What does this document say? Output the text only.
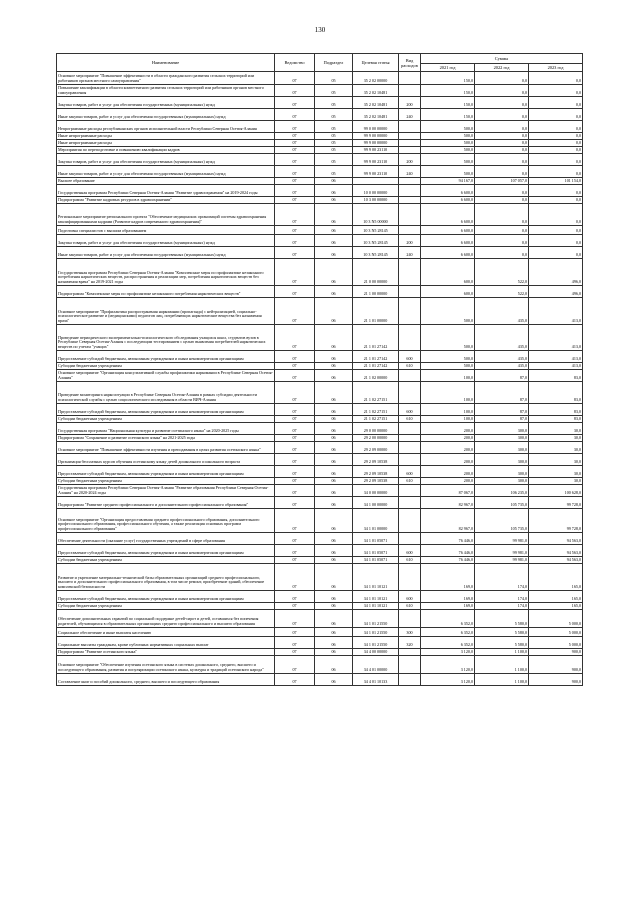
130
Наименование	Ведомство	Подраздел	Целевая статья	Вид расходов	Суммы		
					2021 год	2022 год	2023 год
Основное мероприятие "Повышение эффективности в области гражданского развития сельских территорий или работников органов местного самоуправления"	07	05	35 2 02 00000		150,0	0,0	0,0
Повышение квалификации в области компетентного развития сельских территорий или работников органов местного самоуправления	07	05	35 2 02 10481		150,0	0,0	0,0
Закупка товаров, работ и услуг для обеспечения государственных (муниципальных) нужд	07	05	35 2 02 10481	200	150,0	0,0	0,0
Иные закупки товаров, работ и услуг для обеспечения государственных (муниципальных) нужд	07	05	35 2 02 10481	240	150,0	0,0	0,0
Непрограммные расходы республиканских органов исполнительной власти Республики Северная Осетия-Алания	07	05	99 0 00 00000		500,0	0,0	0,0
Иные непрограммные расходы	07	05	99 9 00 00000		500,0	0,0	0,0
Иные непрограммные расходы	07	05	99 9 00 00000		500,0	0,0	0,0
Мероприятия по переподготовке и повышению квалификации кадров	07	05	99 9 00 23110		500,0	0,0	0,0
Закупка товаров, работ и услуг для обеспечения государственных (муниципальных) нужд	07	05	99 9 00 23110	200	500,0	0,0	0,0
Иные закупки товаров, работ и услуг для обеспечения государственных (муниципальных) нужд	07	05	99 9 00 23110	240	500,0	0,0	0,0
Высшее образование	07	06			94 167,0	107 057,0	101 154,0
Государственная программа Республики Северная Осетия-Алания "Развитие здравоохранения" на 2019-2024 годы	07	06	10 0 00 00000		6 600,0	0,0	0,0
Подпрограмма "Развитие кадровых ресурсов в здравоохранении"	07	06	10 3 00 00000		6 600,0	0,0	0,0
Региональное мероприятие регионального проекта "Обеспечение медицинских организаций системы здравоохранения квалифицированными кадрами (Развитие кадров современного здравоохранения)"	07	06	10 3 N5 00000		6 600,0	0,0	0,0
Подготовка специалистов с высшим образованием	07	06	10 3 N5 28145		6 600,0	0,0	0,0
Закупка товаров, работ и услуг для обеспечения государственных (муниципальных) нужд	07	06	10 3 N5 28145	200	6 600,0	0,0	0,0
Иные закупки товаров, работ и услуг для обеспечения государственных (муниципальных) нужд	07	06	10 3 N5 28145	240	6 600,0	0,0	0,0
Государственная программа Республики Северная Осетия-Алания "Комплексные меры по профилактике незаконного потребления наркотических веществ, распространения и реализации мер, потребления наркотических веществ без назначения врача" на 2019-2021 годы	07	06	21 0 00 00000		600,0	522,0	496,0
Подпрограмма "Комплексные меры по профилактике незаконного потребления наркотических веществ"	07	06	21 1 00 00000		600,0	522,0	496,0
Основное мероприятие "Профилактика распространения наркомании (пропаганда) с нейтрализацией, социально-психологическое развитие и (медицинскими) педагогов лиц, потребляющих наркотические вещества без назначения врача"	07	06	21 1 01 00000		500,0	435,0	413,0
Проведение периодического экспериментально-психологического обследования учащихся школ, студентов вузов в Республике Северная Осетия-Алания с последующим тестированием с целью выявления потребителей наркотических веществ по учетам "учащих"	07	06	21 1 01 27142		500,0	435,0	413,0
Предоставление субсидий бюджетным, автономным учреждениям и иным некоммерческим организациям	07	06	21 1 01 27142	600	500,0	435,0	413,0
Субсидии бюджетным учреждениям	07	06	21 1 01 27142	610	500,0	435,0	413,0
Основное мероприятие "Организация консультативной службы профилактики наркомании в Республике Северная Осетия-Алания"	07	06	21 1 02 00000		100,0	87,0	83,0
Проведение мониторинга наркоситуации в Республике Северная Осетия-Алания в рамках субсидии деятельности психологической службы с целью социологического исследования в области ВИЧ-Алания	07	06	21 1 02 27151		100,0	87,0	83,0
Предоставление субсидий бюджетным, автономным учреждениям и иным некоммерческим организациям	07	06	21 1 02 27151	600	100,0	87,0	83,0
Субсидии бюджетным учреждениям	07	06	21 1 02 27151	610	100,0	87,0	83,0
Государственная программа "Национальная культура и развитие осетинского языка" на 2020-2025 годы	07	06	29 0 00 00000		200,0	300,0	30,0
Подпрограмма "Сохранение и развитие осетинского языка" на 2021-2025 годы	07	06	29 2 00 00000		200,0	300,0	30,0
Основное мероприятие "Повышение эффективности изучения и преподавания в целях развития осетинского языка"	07	06	29 2 09 00000		200,0	300,0	30,0
Организация бесплатных курсов обучения осетинскому языку детей дошкольного и школьного возраста	07	06	29 2 09 10538		200,0	300,0	30,0
Предоставление субсидий бюджетным, автономным учреждениям и иным некоммерческим организациям	07	06	29 2 09 10538	600	200,0	300,0	30,0
Субсидии бюджетным учреждениям	07	06	29 2 09 10538	610	200,0	300,0	30,0
Государственная программа Республики Северная Осетия-Алания "Развитие образования Республики Северная Осетия-Алания" на 2020-2024 годы	07	06	34 0 00 00000		87 067,0	106 235,0	100 628,0
Подпрограмма "Развитие среднего профессионального и дополнительного профессионального образования"	07	06	34 1 00 00000		82 967,0	105 735,0	99 728,0
Основное мероприятие "Организация предоставления среднего профессионального образования, дополнительного профессионального образования, профессионального обучения, а также реализация основных программ профессионального образования"	07	06	34 1 01 00000		82 967,0	105 735,0	99 728,0
Обеспечение деятельности (оказание услуг) государственных учреждений в сфере образования	07	06	34 1 01 05071		76 446,0	99 981,0	94 563,0
Предоставление субсидий бюджетным, автономным учреждениям и иным некоммерческим организациям	07	06	34 1 01 05071	600	76 446,0	99 981,0	94 563,0
Субсидии бюджетным учреждениям	07	06	34 1 01 05071	610	76 446,0	99 981,0	94 563,0
Развитие и укрепление материально-технической базы образовательных организаций среднего профессионального, высшего и дополнительного профессионального образования, в том числе ремонт, приобретение зданий, обеспечение комплексной безопасности	07	06	34 1 01 10121		169,0	174,0	165,0
Предоставление субсидий бюджетным, автономным учреждениям и иным некоммерческим организациям	07	06	34 1 01 10121	600	169,0	174,0	165,0
Субсидии бюджетным учреждениям	07	06	34 1 01 10121	610	169,0	174,0	165,0
Обеспечение дополнительных гарантий по социальной поддержке детей-сирот и детей, оставшихся без попечения родителей, обучающимся в образовательных организациях среднего профессионального и высшего образования	07	06	34 1 01 21550		6 352,0	5 580,0	5 000,0
Социальное обеспечение и иные выплаты населению	07	06	34 1 01 21550	300	6 352,0	5 580,0	5 000,0
Социальные выплаты гражданам, кроме публичных нормативных социальных выплат	07	06	34 1 01 21550	320	6 352,0	5 580,0	5 000,0
Подпрограмма "Развитие осетинского языка"	07	06	34 4 00 00000		3 120,0	1 100,0	900,0
Основное мероприятие "Обеспечение изучения осетинского языка в системах дошкольного, среднего, высшего и последующего образования, развития и популяризации осетинского языка, культуры и традиций осетинского народа"	07	06	34 4 01 00000		3 120,0	1 100,0	900,0
Составление книг и пособий дошкольного, среднего, высшего и последующего образования	07	06	34 4 01 10133		3 120,0	1 100,0	900,0
